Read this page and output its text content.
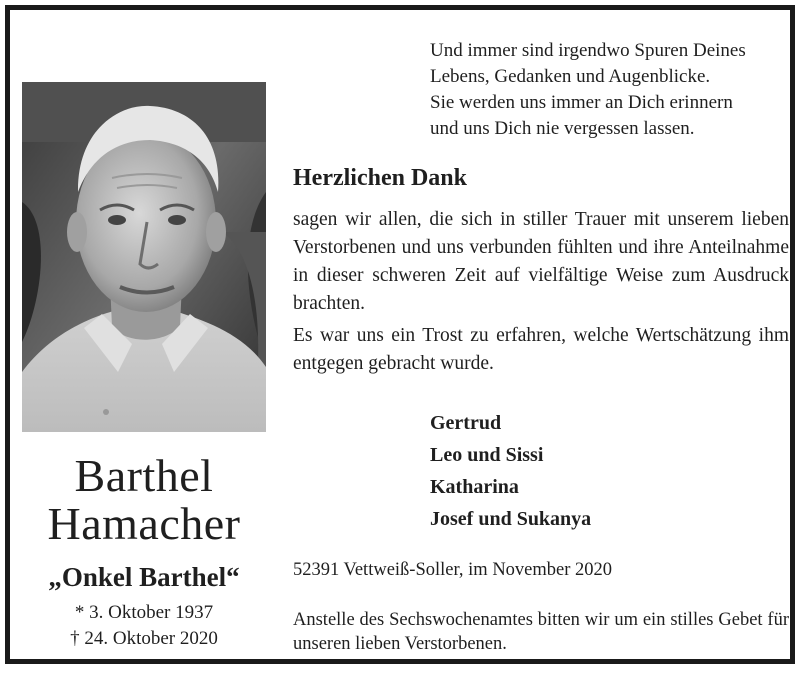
Und immer sind irgendwo Spuren Deines
Lebens, Gedanken und Augenblicke.
Sie werden uns immer an Dich erinnern
und uns Dich nie vergessen lassen.
Barthel
Hamacher
„Onkel Barthel“
* 3. Oktober 1937
† 24. Oktober 2020
Herzlichen Dank

sagen wir allen, die sich in stiller Trauer mit unserem lieben Verstorbenen und uns verbunden fühlten und ihre Anteilnahme in dieser schweren Zeit auf vielfältige Weise zum Ausdruck brachten.

Es war uns ein Trost zu erfahren, welche Wertschätzung ihm entgegen gebracht wurde.

Gertrud
Leo und Sissi
Katharina
Josef und Sukanya
52391 Vettweiß-Soller, im November 2020

Anstelle des Sechswochenamtes bitten wir um ein stilles Gebet für unseren lieben Verstorbenen.
